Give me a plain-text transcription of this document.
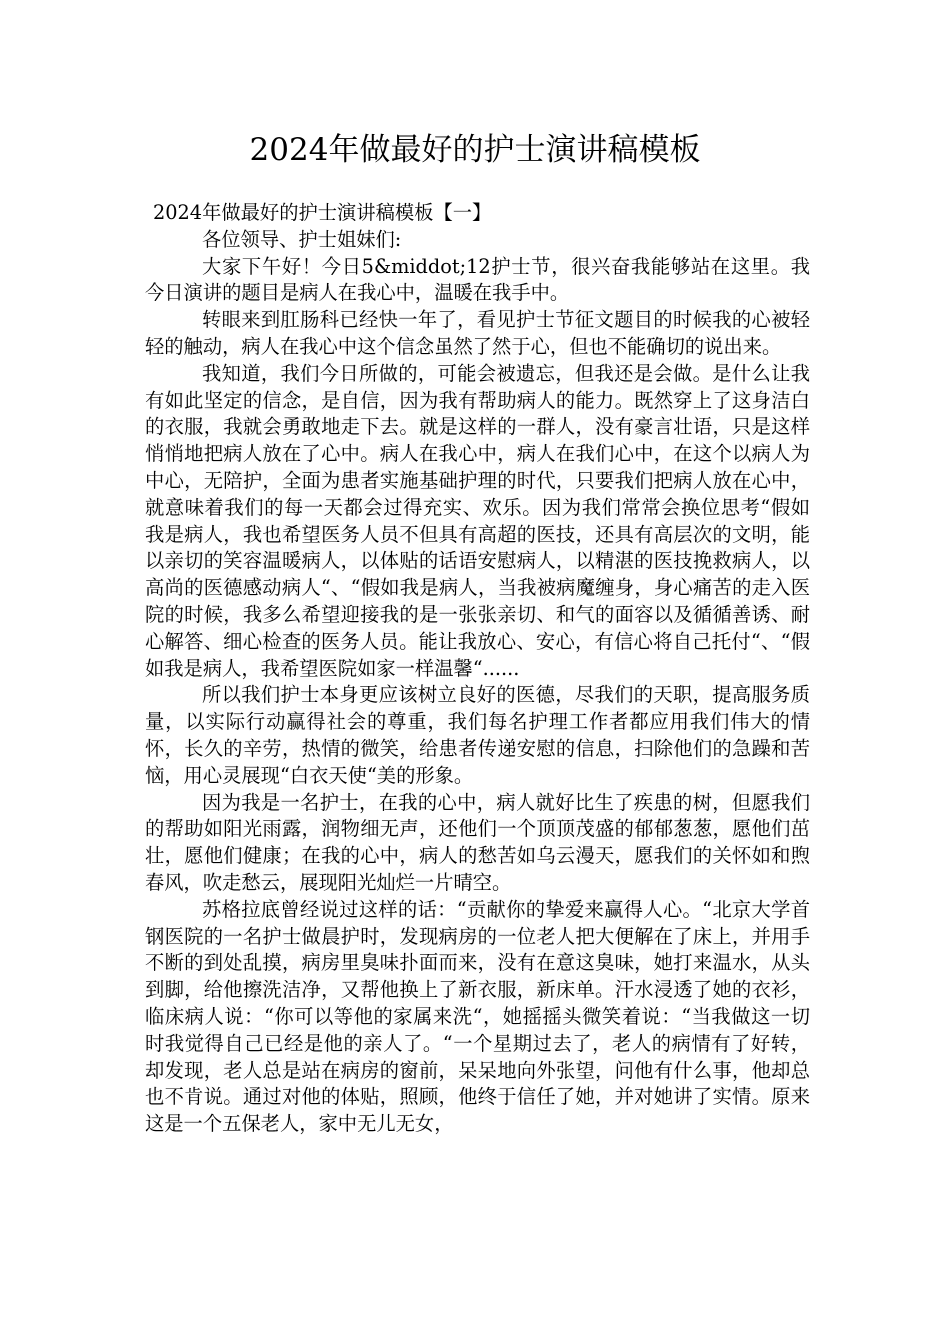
2024年做最好的护士演讲稿模板

2024年做最好的护士演讲稿模板【一】

各位领导、护士姐妹们:

大家下午好！今日5&middot;12护士节，很兴奋我能够站在这里。我今日演讲的题目是病人在我心中，温暖在我手中。

转眼来到肛肠科已经快一年了，看见护士节征文题目的时候我的心被轻轻的触动，病人在我心中这个信念虽然了然于心，但也不能确切的说出来。

我知道，我们今日所做的，可能会被遗忘，但我还是会做。是什么让我有如此坚定的信念，是自信，因为我有帮助病人的能力。既然穿上了这身洁白的衣服，我就会勇敢地走下去。就是这样的一群人，没有豪言壮语，只是这样悄悄地把病人放在了心中。病人在我心中，病人在我们心中，在这个以病人为中心，无陪护，全面为患者实施基础护理的时代，只要我们把病人放在心中，就意味着我们的每一天都会过得充实、欢乐。因为我们常常会换位思考“假如我是病人，我也希望医务人员不但具有高超的医技，还具有高层次的文明，能以亲切的笑容温暖病人，以体贴的话语安慰病人，以精湛的医技挽救病人，以高尚的医德感动病人“、“假如我是病人，当我被病魔缠身，身心痛苦的走入医院的时候，我多么希望迎接我的是一张张亲切、和气的面容以及循循善诱、耐心解答、细心检查的医务人员。能让我放心、安心，有信心将自己托付“、“假如我是病人，我希望医院如家一样温馨“......

所以我们护士本身更应该树立良好的医德，尽我们的天职，提高服务质量，以实际行动赢得社会的尊重，我们每名护理工作者都应用我们伟大的情怀，长久的辛劳，热情的微笑，给患者传递安慰的信息，扫除他们的急躁和苦恼，用心灵展现“白衣天使“美的形象。

因为我是一名护士，在我的心中，病人就好比生了疾患的树，但愿我们的帮助如阳光雨露，润物细无声，还他们一个顶顶茂盛的郁郁葱葱，愿他们茁壮，愿他们健康；在我的心中，病人的愁苦如乌云漫天，愿我们的关怀如和煦春风，吹走愁云，展现阳光灿烂一片晴空。

苏格拉底曾经说过这样的话：“贡献你的挚爱来赢得人心。“北京大学首钢医院的一名护士做晨护时，发现病房的一位老人把大便解在了床上，并用手不断的到处乱摸，病房里臭味扑面而来，没有在意这臭味，她打来温水，从头到脚，给他擦洗洁净，又帮他换上了新衣服，新床单。汗水浸透了她的衣衫，临床病人说：“你可以等他的家属来洗“，她摇摇头微笑着说：“当我做这一切时我觉得自己已经是他的亲人了。“一个星期过去了，老人的病情有了好转，却发现，老人总是站在病房的窗前，呆呆地向外张望，问他有什么事，他却总也不肯说。通过对他的体贴，照顾，他终于信任了她，并对她讲了实情。原来这是一个五保老人，家中无儿无女，
